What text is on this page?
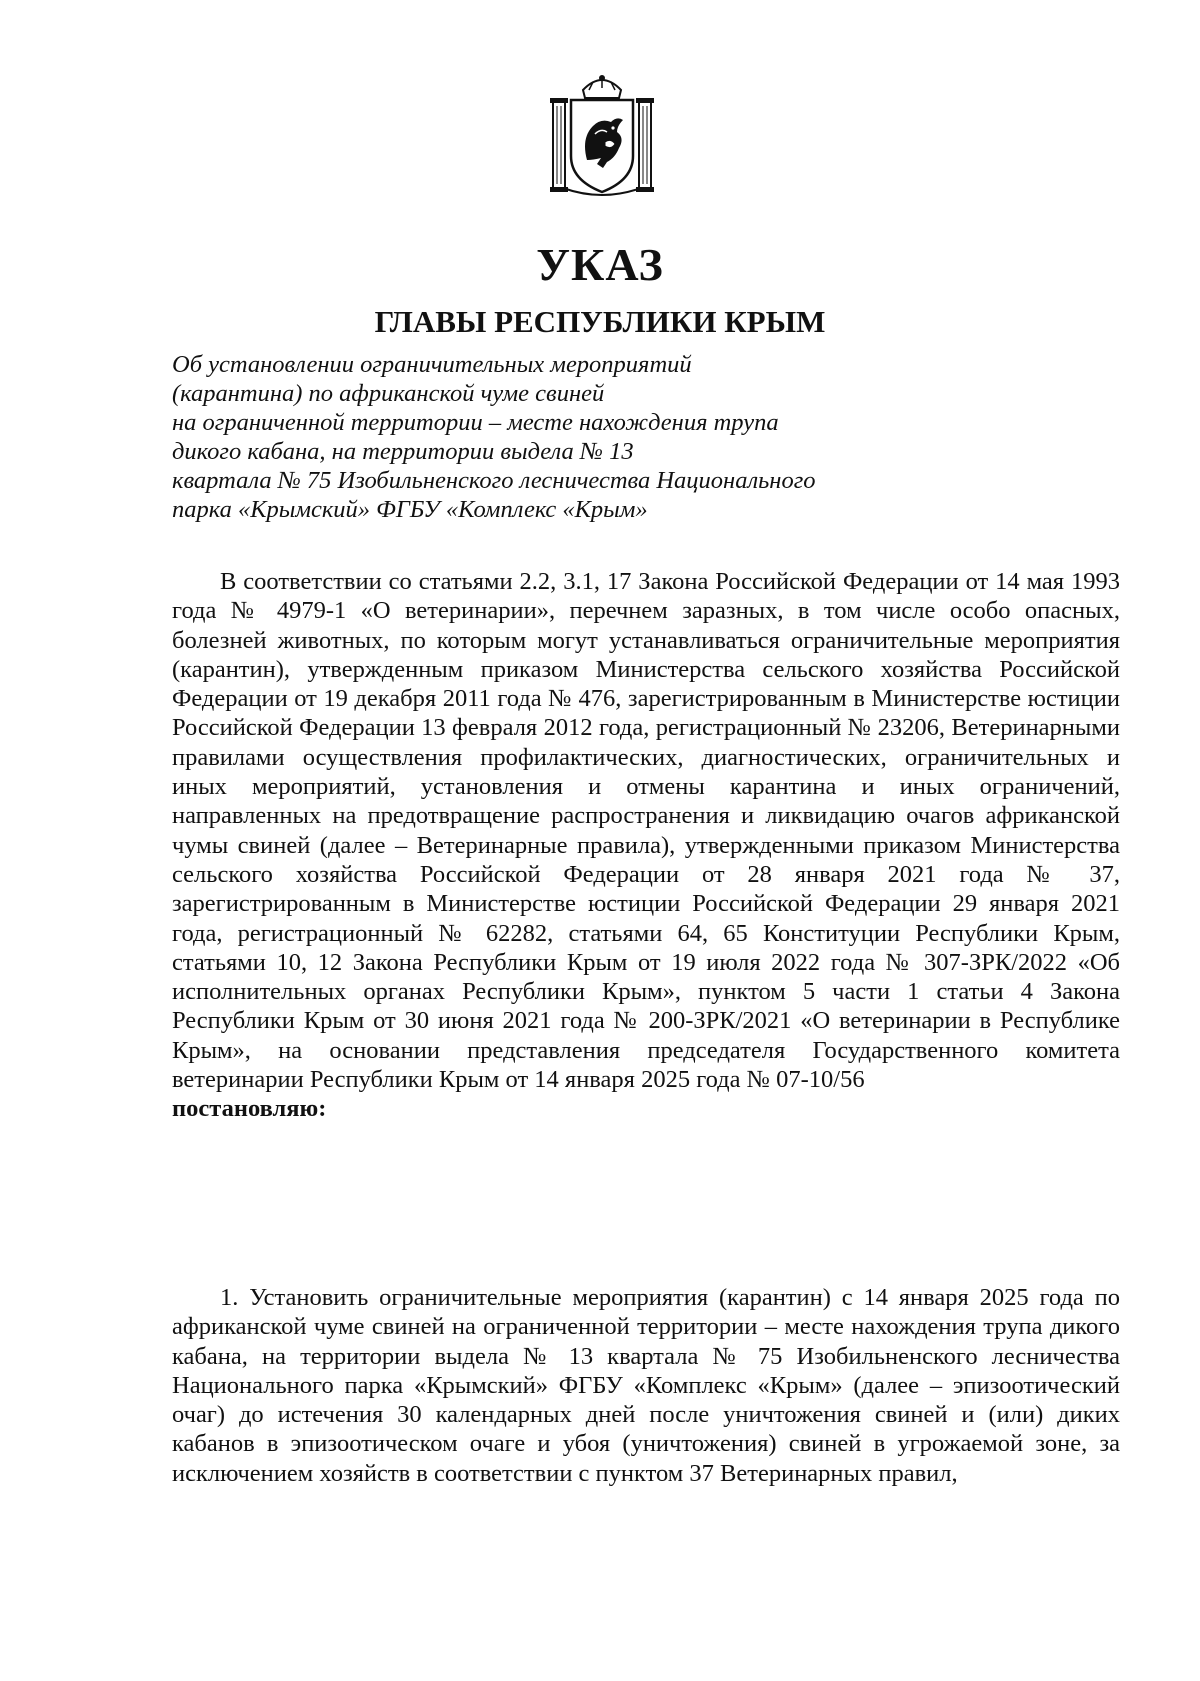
УКАЗ
ГЛАВЫ РЕСПУБЛИКИ КРЫМ
Об установлении ограничительных мероприятий
(карантина) по африканской чуме свиней
на ограниченной территории – месте нахождения трупа
дикого кабана, на территории выдела № 13
квартала № 75 Изобильненского лесничества Национального
парка «Крымский» ФГБУ «Комплекс «Крым»

В соответствии со статьями 2.2, 3.1, 17 Закона Российской Федерации от 14 мая 1993 года № 4979-1 «О ветеринарии», перечнем заразных, в том числе особо опасных, болезней животных, по которым могут устанавливаться ограничительные мероприятия (карантин), утвержденным приказом Министерства сельского хозяйства Российской Федерации от 19 декабря 2011 года № 476, зарегистрированным в Министерстве юстиции Российской Федерации 13 февраля 2012 года, регистрационный № 23206, Ветеринарными правилами осуществления профилактических, диагностических, ограничительных и иных мероприятий, установления и отмены карантина и иных ограничений, направленных на предотвращение распространения и ликвидацию очагов африканской чумы свиней (далее – Ветеринарные правила), утвержденными приказом Министерства сельского хозяйства Российской Федерации от 28 января 2021 года № 37, зарегистрированным в Министерстве юстиции Российской Федерации 29 января 2021 года, регистрационный № 62282, статьями 64, 65 Конституции Республики Крым, статьями 10, 12 Закона Республики Крым от 19 июля 2022 года № 307-ЗРК/2022 «Об исполнительных органах Республики Крым», пунктом 5 части 1 статьи 4 Закона Республики Крым от 30 июня 2021 года № 200-ЗРК/2021 «О ветеринарии в Республике Крым», на основании представления председателя Государственного комитета ветеринарии Республики Крым от 14 января 2025 года № 07-10/56
постановляю:

1. Установить ограничительные мероприятия (карантин) с 14 января 2025 года по африканской чуме свиней на ограниченной территории – месте нахождения трупа дикого кабана, на территории выдела № 13 квартала № 75 Изобильненского лесничества Национального парка «Крымский» ФГБУ «Комплекс «Крым» (далее – эпизоотический очаг) до истечения 30 календарных дней после уничтожения свиней и (или) диких кабанов в эпизоотическом очаге и убоя (уничтожения) свиней в угрожаемой зоне, за исключением хозяйств в соответствии с пунктом 37 Ветеринарных правил,
